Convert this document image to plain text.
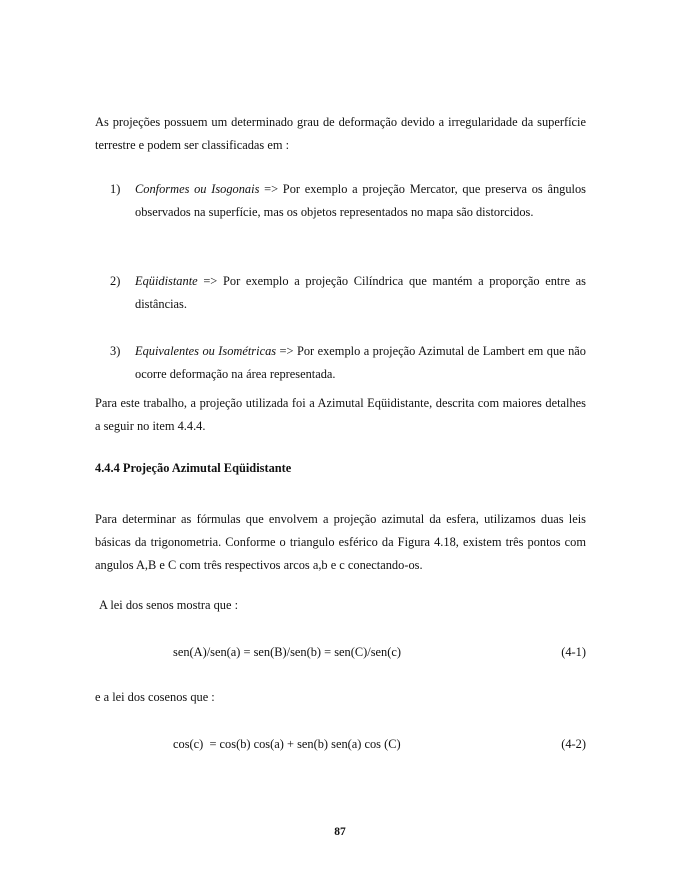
As projeções possuem um determinado grau de deformação devido a irregularidade da superfície terrestre e podem ser classificadas em :
1) Conformes ou Isogonais => Por exemplo a projeção Mercator, que preserva os ângulos observados na superfície, mas os objetos representados no mapa são distorcidos.
2) Eqüidistante => Por exemplo a projeção Cilíndrica que mantém a proporção entre as distâncias.
3) Equivalentes ou Isométricas => Por exemplo a projeção Azimutal de Lambert em que não ocorre deformação na área representada.
Para este trabalho, a projeção utilizada foi a Azimutal Eqüidistante, descrita com maiores detalhes a seguir no item 4.4.4.
4.4.4 Projeção Azimutal Eqüidistante
Para determinar as fórmulas que envolvem a projeção azimutal da esfera, utilizamos duas leis básicas da trigonometria. Conforme o triangulo esférico da Figura 4.18, existem três pontos com angulos A,B e C com três respectivos arcos a,b e c conectando-os.
A lei dos senos mostra que :
sen(A)/sen(a) = sen(B)/sen(b) = sen(C)/sen(c)	(4-1)
e a lei dos cosenos que :
cos(c)  = cos(b) cos(a) + sen(b) sen(a) cos (C)	(4-2)
87
